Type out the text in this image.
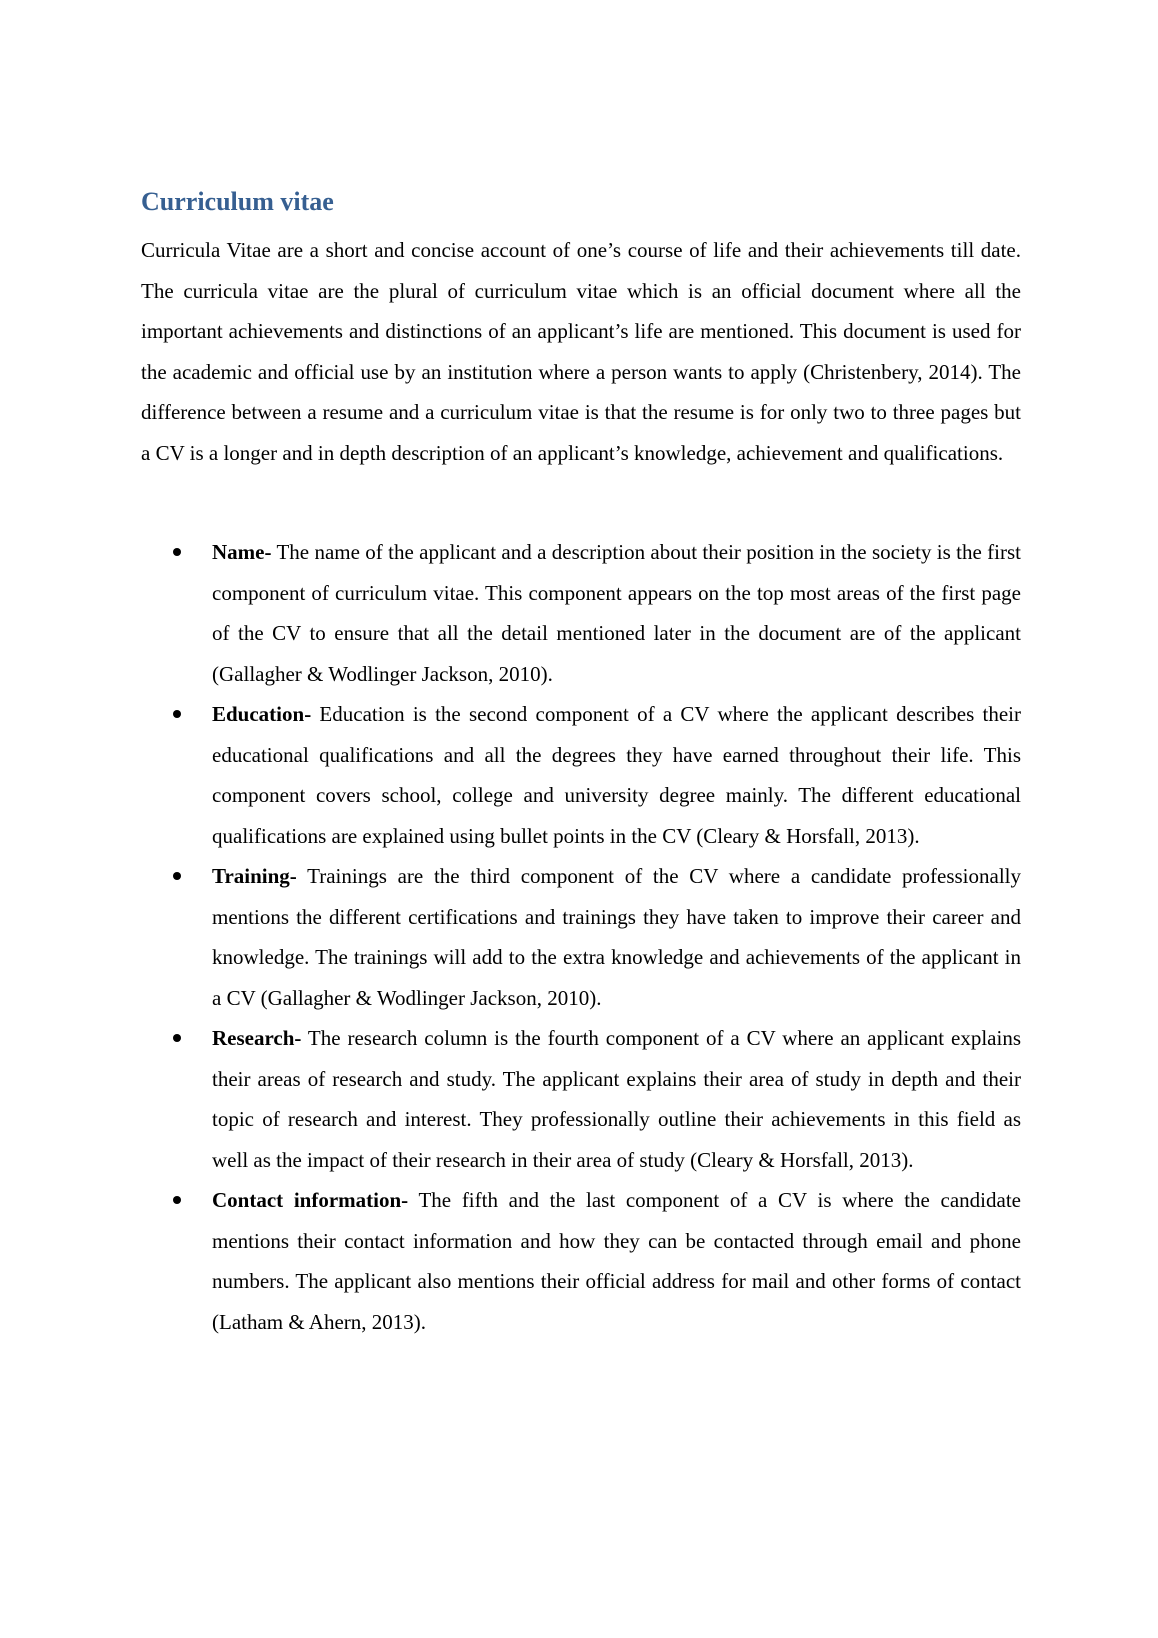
Curriculum vitae

Curricula Vitae are a short and concise account of one’s course of life and their achievements till date. The curricula vitae are the plural of curriculum vitae which is an official document where all the important achievements and distinctions of an applicant’s life are mentioned. This document is used for the academic and official use by an institution where a person wants to apply (Christenbery, 2014). The difference between a resume and a curriculum vitae is that the resume is for only two to three pages but a CV is a longer and in depth description of an applicant’s knowledge, achievement and qualifications.

Name- The name of the applicant and a description about their position in the society is the first component of curriculum vitae. This component appears on the top most areas of the first page of the CV to ensure that all the detail mentioned later in the document are of the applicant (Gallagher & Wodlinger Jackson, 2010).
Education- Education is the second component of a CV where the applicant describes their educational qualifications and all the degrees they have earned throughout their life. This component covers school, college and university degree mainly. The different educational qualifications are explained using bullet points in the CV (Cleary & Horsfall, 2013).
Training- Trainings are the third component of the CV where a candidate professionally mentions the different certifications and trainings they have taken to improve their career and knowledge. The trainings will add to the extra knowledge and achievements of the applicant in a CV (Gallagher & Wodlinger Jackson, 2010).
Research- The research column is the fourth component of a CV where an applicant explains their areas of research and study. The applicant explains their area of study in depth and their topic of research and interest. They professionally outline their achievements in this field as well as the impact of their research in their area of study (Cleary & Horsfall, 2013).
Contact information- The fifth and the last component of a CV is where the candidate mentions their contact information and how they can be contacted through email and phone numbers. The applicant also mentions their official address for mail and other forms of contact (Latham & Ahern, 2013).
